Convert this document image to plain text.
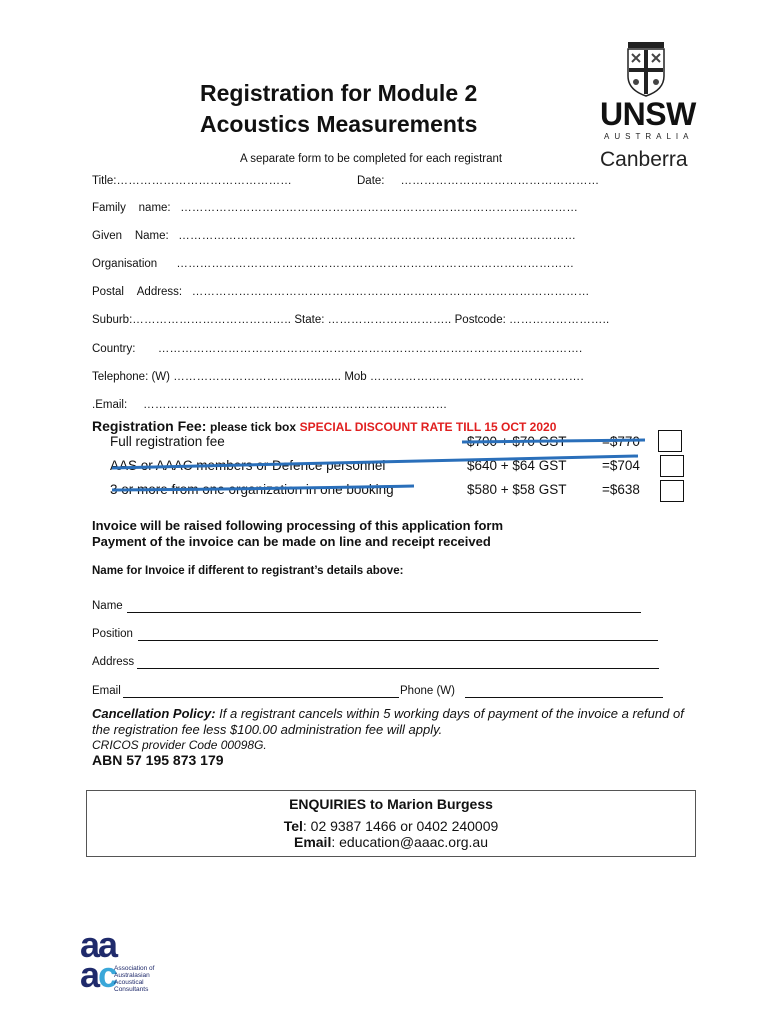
Registration for Module 2
Acoustics Measurements
A separate form to be completed for each registrant
UNSW
AUSTRALIA
Canberra
Title:………………………………………	Date: ……………………………………………
Family name: …………………………………………………………………………………………
Given Name: …………………………………………………………………………………………
Organisation …………………………………………………………………………………………
Postal Address: …………………………………………………………………………………………
Suburb:………………………………….. State: ………………………….. Postcode: ……………………..
Country: ……………………………………………………………………………………………….
Telephone: (W) …………………………............... Mob ……………………………………………….
.Email: ……………………………………………………………………
Registration Fee: please tick box SPECIAL DISCOUNT RATE TILL 15 OCT 2020
Full registration fee	$700 + $70 GST	=$770
AAS or AAAC members or Defence personnel	$640 + $64 GST	=$704
3 or more from one organization in one booking	$580 + $58 GST	=$638
Invoice will be raised following processing of this application form
Payment of the invoice can be made on line and receipt received
Name for Invoice if different to registrant’s details above:
Name
Position
Address
Email	Phone (W)
Cancellation Policy: If a registrant cancels within 5 working days of payment of the invoice a refund of the registration fee less $100.00 administration fee will apply.
CRICOS provider Code 00098G.
ABN 57 195 873 179
ENQUIRIES to Marion Burgess
Tel: 02 9387 1466 or 0402 240009
Email: education@aaac.org.au
aa
ac
Association of
Australasian
Acoustical
Consultants
